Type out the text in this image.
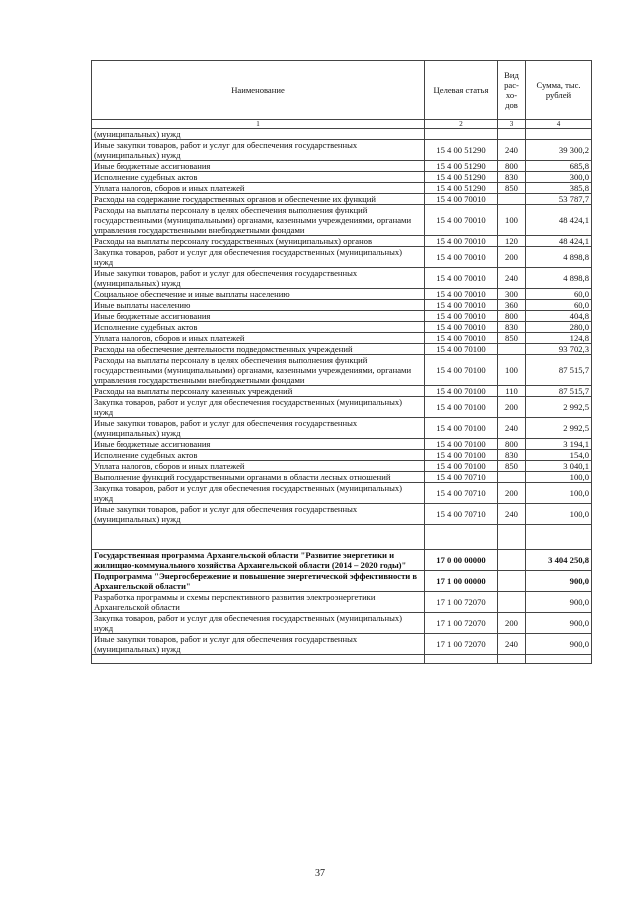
Наименование	Целевая статья	Вид
рас-
хо-
дов	Сумма, тыс. рублей
1	2	3	4
(муниципальных) нужд			
Иные закупки товаров, работ и услуг для обеспечения государственных (муниципальных) нужд	15 4 00 51290	240	39 300,2
Иные бюджетные ассигнования	15 4 00 51290	800	685,8
Исполнение судебных актов	15 4 00 51290	830	300,0
Уплата налогов, сборов и иных платежей	15 4 00 51290	850	385,8
Расходы на содержание государственных органов и обеспечение их функций	15 4 00 70010		53 787,7
Расходы на выплаты персоналу в целях обеспечения выполнения функций государственными (муниципальными) органами, казенными учреждениями, органами управления государственными внебюджетными фондами	15 4 00 70010	100	48 424,1
Расходы на выплаты персоналу государственных (муниципальных) органов	15 4 00 70010	120	48 424,1
Закупка товаров, работ и услуг для обеспечения государственных (муниципальных) нужд	15 4 00 70010	200	4 898,8
Иные закупки товаров, работ и услуг для обеспечения государственных (муниципальных) нужд	15 4 00 70010	240	4 898,8
Социальное обеспечение и иные выплаты населению	15 4 00 70010	300	60,0
Иные выплаты населению	15 4 00 70010	360	60,0
Иные бюджетные ассигнования	15 4 00 70010	800	404,8
Исполнение судебных актов	15 4 00 70010	830	280,0
Уплата налогов, сборов и иных платежей	15 4 00 70010	850	124,8
Расходы на обеспечение деятельности подведомственных учреждений	15 4 00 70100		93 702,3
Расходы на выплаты персоналу в целях обеспечения выполнения функций государственными (муниципальными) органами, казенными учреждениями, органами управления государственными внебюджетными фондами	15 4 00 70100	100	87 515,7
Расходы на выплаты персоналу казенных учреждений	15 4 00 70100	110	87 515,7
Закупка товаров, работ и услуг для обеспечения государственных (муниципальных) нужд	15 4 00 70100	200	2 992,5
Иные закупки товаров, работ и услуг для обеспечения государственных (муниципальных) нужд	15 4 00 70100	240	2 992,5
Иные бюджетные ассигнования	15 4 00 70100	800	3 194,1
Исполнение судебных актов	15 4 00 70100	830	154,0
Уплата налогов, сборов и иных платежей	15 4 00 70100	850	3 040,1
Выполнение функций государственными органами в области лесных отношений	15 4 00 70710		100,0
Закупка товаров, работ и услуг для обеспечения государственных (муниципальных) нужд	15 4 00 70710	200	100,0
Иные закупки товаров, работ и услуг для обеспечения государственных (муниципальных) нужд	15 4 00 70710	240	100,0

Государственная программа Архангельской области "Развитие энергетики и жилищно-коммунального хозяйства Архангельской области (2014 – 2020 годы)"	17 0 00 00000		3 404 250,8
Подпрограмма "Энергосбережение и повышение энергетической эффективности в Архангельской области"	17 1 00 00000		900,0
Разработка программы и схемы перспективного развития электроэнергетики Архангельской области	17 1 00 72070		900,0
Закупка товаров, работ и услуг для обеспечения государственных (муниципальных) нужд	17 1 00 72070	200	900,0
Иные закупки товаров, работ и услуг для обеспечения государственных (муниципальных) нужд	17 1 00 72070	240	900,0

37
